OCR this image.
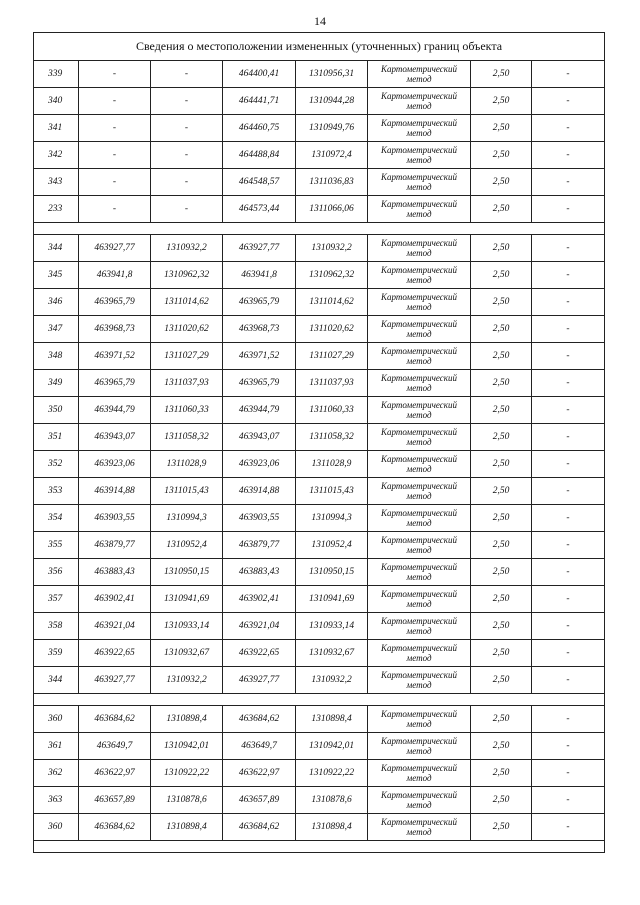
14
Сведения о местоположении измененных (уточненных) границ объекта							
339	-	-	464400,41	1310956,31	Картометрический метод	2,50	-
340	-	-	464441,71	1310944,28	Картометрический метод	2,50	-
341	-	-	464460,75	1310949,76	Картометрический метод	2,50	-
342	-	-	464488,84	1310972,4	Картометрический метод	2,50	-
343	-	-	464548,57	1311036,83	Картометрический метод	2,50	-
233	-	-	464573,44	1311066,06	Картометрический метод	2,50	-

344	463927,77	1310932,2	463927,77	1310932,2	Картометрический метод	2,50	-
345	463941,8	1310962,32	463941,8	1310962,32	Картометрический метод	2,50	-
346	463965,79	1311014,62	463965,79	1311014,62	Картометрический метод	2,50	-
347	463968,73	1311020,62	463968,73	1311020,62	Картометрический метод	2,50	-
348	463971,52	1311027,29	463971,52	1311027,29	Картометрический метод	2,50	-
349	463965,79	1311037,93	463965,79	1311037,93	Картометрический метод	2,50	-
350	463944,79	1311060,33	463944,79	1311060,33	Картометрический метод	2,50	-
351	463943,07	1311058,32	463943,07	1311058,32	Картометрический метод	2,50	-
352	463923,06	1311028,9	463923,06	1311028,9	Картометрический метод	2,50	-
353	463914,88	1311015,43	463914,88	1311015,43	Картометрический метод	2,50	-
354	463903,55	1310994,3	463903,55	1310994,3	Картометрический метод	2,50	-
355	463879,77	1310952,4	463879,77	1310952,4	Картометрический метод	2,50	-
356	463883,43	1310950,15	463883,43	1310950,15	Картометрический метод	2,50	-
357	463902,41	1310941,69	463902,41	1310941,69	Картометрический метод	2,50	-
358	463921,04	1310933,14	463921,04	1310933,14	Картометрический метод	2,50	-
359	463922,65	1310932,67	463922,65	1310932,67	Картометрический метод	2,50	-
344	463927,77	1310932,2	463927,77	1310932,2	Картометрический метод	2,50	-

360	463684,62	1310898,4	463684,62	1310898,4	Картометрический метод	2,50	-
361	463649,7	1310942,01	463649,7	1310942,01	Картометрический метод	2,50	-
362	463622,97	1310922,22	463622,97	1310922,22	Картометрический метод	2,50	-
363	463657,89	1310878,6	463657,89	1310878,6	Картометрический метод	2,50	-
360	463684,62	1310898,4	463684,62	1310898,4	Картометрический метод	2,50	-
